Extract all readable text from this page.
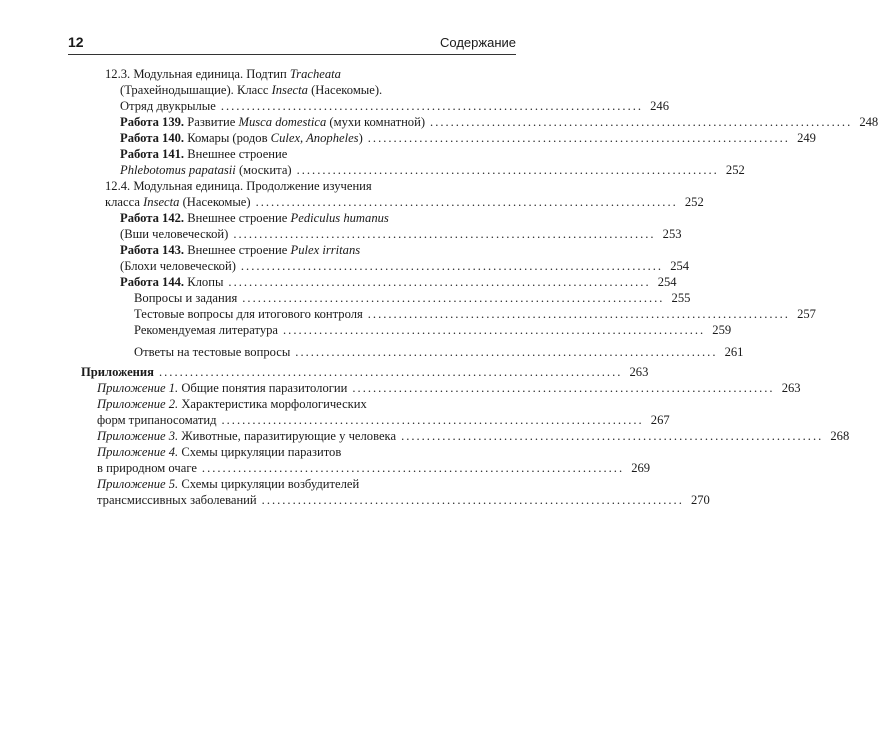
12	Содержание
12.3. Модульная единица. Подтип Tracheata
(Трахейнодышащие). Класс Insecta (Насекомые).
Отряд двукрылые .................................................................................. 246
Работа 139. Развитие Musca domestica (мухи комнатной) .................................................................................. 248
Работа 140. Комары (родов Culex, Anopheles) .................................................................................. 249
Работа 141. Внешнее строение
Phlebotomus papatasii (москита) .................................................................................. 252
12.4. Модульная единица. Продолжение изучения
класса Insecta (Насекомые) .................................................................................. 252
Работа 142. Внешнее строение Pediculus humanus
(Вши человеческой) .................................................................................. 253
Работа 143. Внешнее строение Pulex irritans
(Блохи человеческой) .................................................................................. 254
Работа 144. Клопы .................................................................................. 254
Вопросы и задания .................................................................................. 255
Тестовые вопросы для итогового контроля .................................................................................. 257
Рекомендуемая литература .................................................................................. 259
Ответы на тестовые вопросы .................................................................................. 261
Приложения .......................................................................................... 263
Приложение 1. Общие понятия паразитологии .................................................................................. 263
Приложение 2. Характеристика морфологических
форм трипаносоматид .................................................................................. 267
Приложение 3. Животные, паразитирующие у человека .................................................................................. 268
Приложение 4. Схемы циркуляции паразитов
в природном очаге .................................................................................. 269
Приложение 5. Схемы циркуляции возбудителей
трансмиссивных заболеваний .................................................................................. 270
